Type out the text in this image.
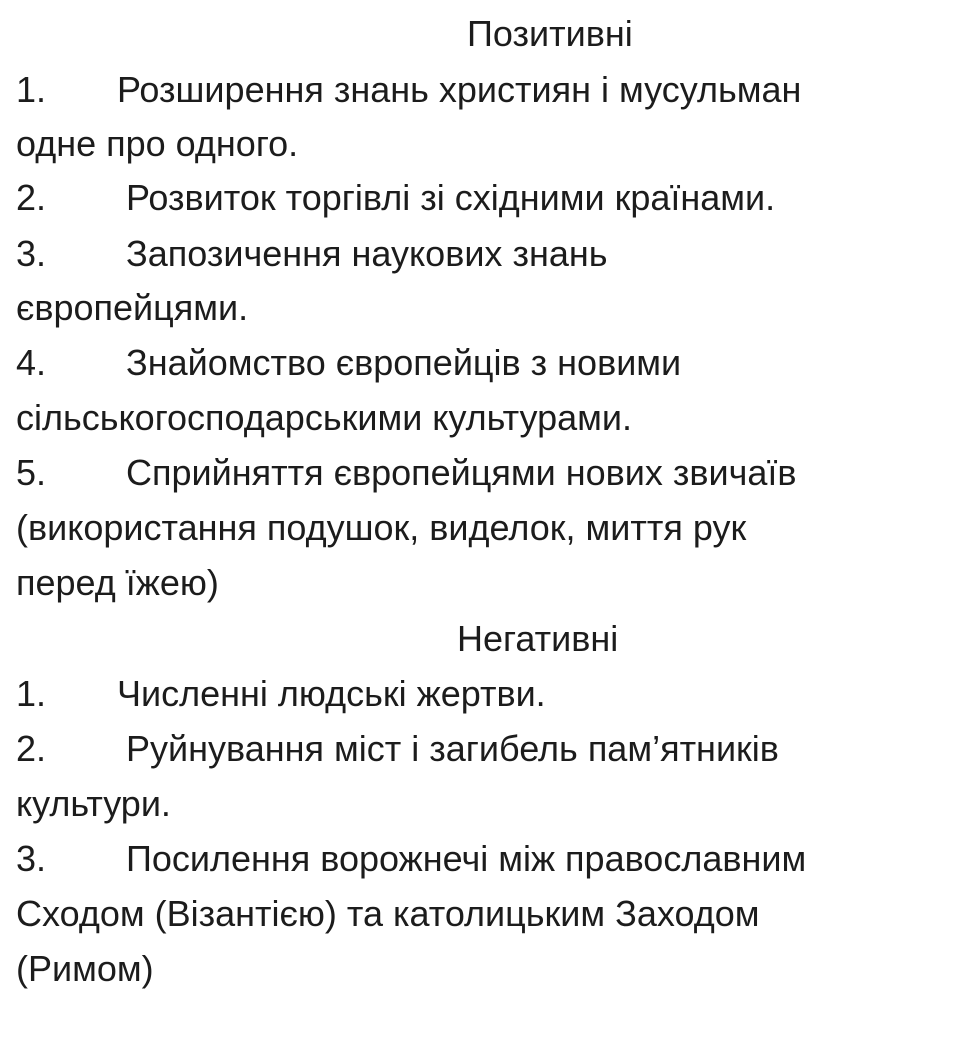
Позитивні
1. Розширення знань християн і мусульман
одне про одного.
2. Розвиток торгівлі зі східними країнами.
3. Запозичення наукових знань
європейцями.
4. Знайомство європейців з новими
сільськогосподарськими культурами.
5. Сприйняття європейцями нових звичаїв
(використання подушок, виделок, миття рук
перед їжею)
Негативні
1. Численні людські жертви.
2. Руйнування міст і загибель пам’ятників
культури.
3. Посилення ворожнечі між православним
Сходом (Візантією) та католицьким Заходом
(Римом)
